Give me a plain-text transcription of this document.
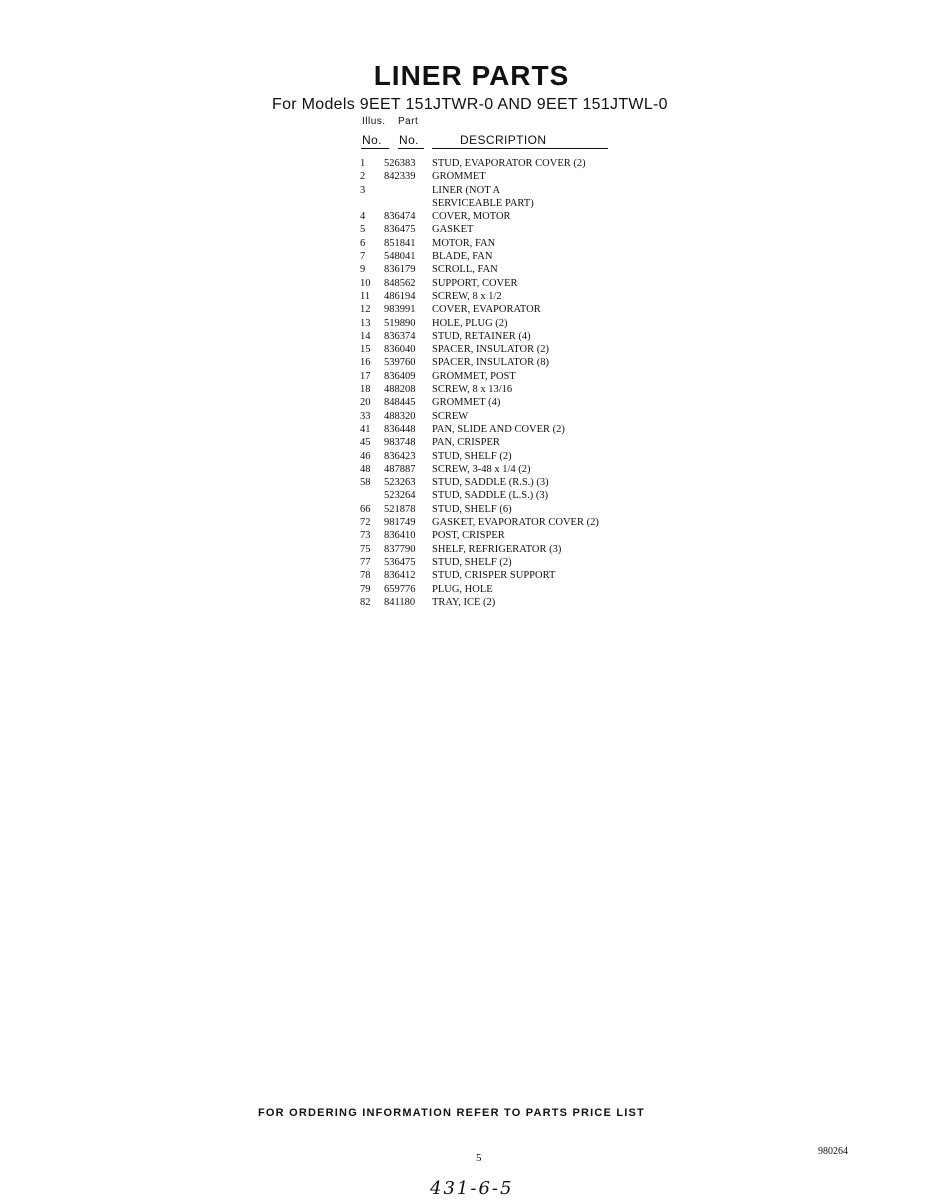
LINER PARTS
For Models 9EET 151JTWR-0 AND 9EET 151JTWL-0
Illus. Part
No. No.	DESCRIPTION
1 526383 STUD, EVAPORATOR COVER (2)
2 842339 GROMMET
3	LINER (NOT A
SERVICEABLE PART)
4 836474 COVER, MOTOR
5 836475 GASKET
6 851841 MOTOR, FAN
7 548041 BLADE, FAN
9 836179 SCROLL, FAN
10 848562 SUPPORT, COVER
11 486194 SCREW, 8 x 1/2
12 983991 COVER, EVAPORATOR
13 519890 HOLE, PLUG (2)
14 836374 STUD, RETAINER (4)
15 836040 SPACER, INSULATOR (2)
16 539760 SPACER, INSULATOR (8)
17 836409 GROMMET, POST
18 488208 SCREW, 8 x 13/16
20 848445 GROMMET (4)
33 488320 SCREW
41 836448 PAN, SLIDE AND COVER (2)
45 983748 PAN, CRISPER
46 836423 STUD, SHELF (2)
48 487887 SCREW, 3-48 x 1/4 (2)
58 523263 STUD, SADDLE (R.S.) (3)
523264 STUD, SADDLE (L.S.) (3)
66 521878 STUD, SHELF (6)
72 981749 GASKET, EVAPORATOR COVER (2)
73 836410 POST, CRISPER
75 837790 SHELF, REFRIGERATOR (3)
77 536475 STUD, SHELF (2)
78 836412 STUD, CRISPER SUPPORT
79 659776 PLUG, HOLE
82 841180 TRAY, ICE (2)
FOR ORDERING INFORMATION REFER TO PARTS PRICE LIST
5
980264
431-6-5
